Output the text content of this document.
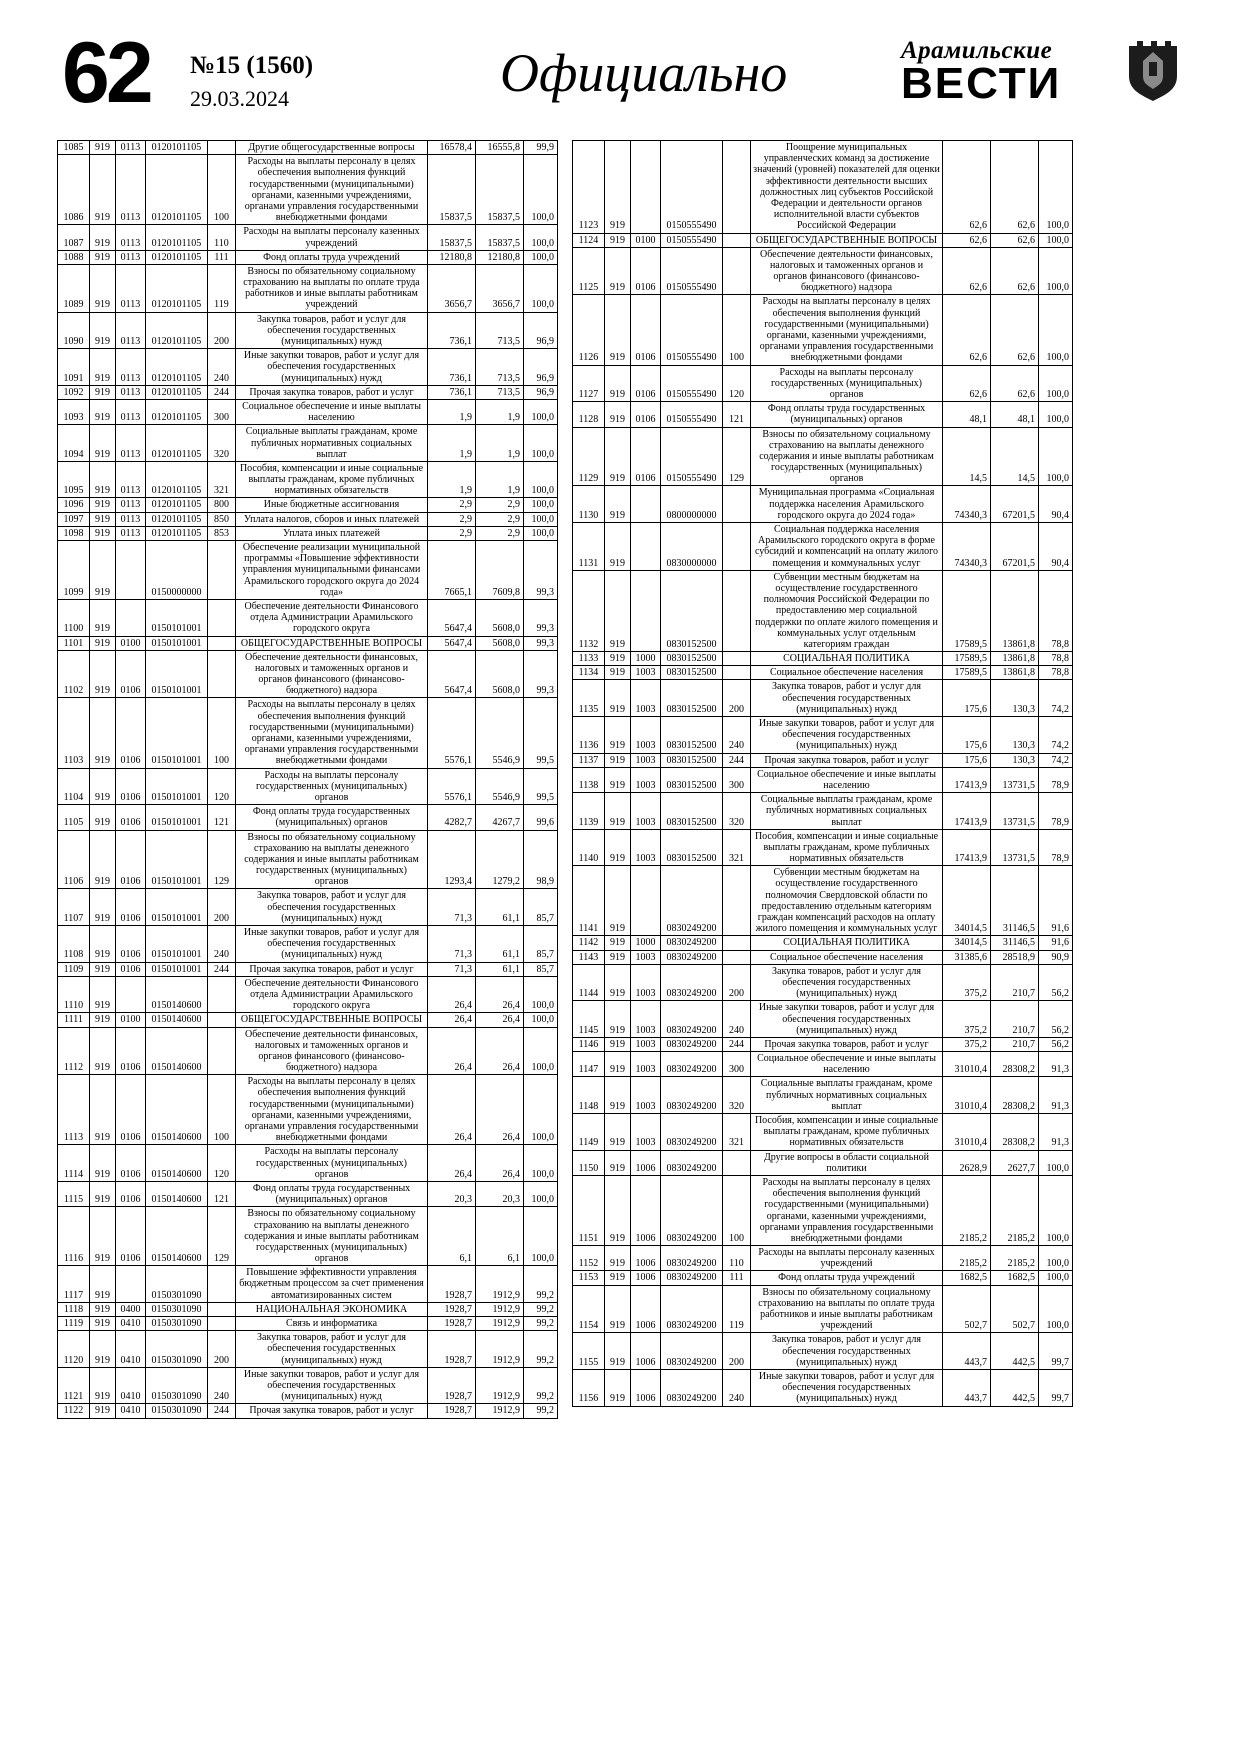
62 №15 (1560)
29.03.2024	Официально	Арамильские
ВЕСТИ
1085	919	0113	0120101105		Другие общегосударственные вопросы	16578,4	16555,8	99,9
1086	919	0113	0120101105	100	Расходы на выплаты персоналу в целях обеспечения выполнения функций государственными (муниципальными) органами, казенными учреждениями, органами управления государственными внебюджетными фондами	15837,5	15837,5	100,0
1087	919	0113	0120101105	110	Расходы на выплаты персоналу казенных учреждений	15837,5	15837,5	100,0
1088	919	0113	0120101105	111	Фонд оплаты труда учреждений	12180,8	12180,8	100,0
1089	919	0113	0120101105	119	Взносы по обязательному социальному страхованию на выплаты по оплате труда работников и иные выплаты работникам учреждений	3656,7	3656,7	100,0
1090	919	0113	0120101105	200	Закупка товаров, работ и услуг для обеспечения государственных (муниципальных) нужд	736,1	713,5	96,9
1091	919	0113	0120101105	240	Иные закупки товаров, работ и услуг для обеспечения государственных (муниципальных) нужд	736,1	713,5	96,9
1092	919	0113	0120101105	244	Прочая закупка товаров, работ и услуг	736,1	713,5	96,9
1093	919	0113	0120101105	300	Социальное обеспечение и иные выплаты населению	1,9	1,9	100,0
1094	919	0113	0120101105	320	Социальные выплаты гражданам, кроме публичных нормативных социальных выплат	1,9	1,9	100,0
1095	919	0113	0120101105	321	Пособия, компенсации и иные социальные выплаты гражданам, кроме публичных нормативных обязательств	1,9	1,9	100,0
1096	919	0113	0120101105	800	Иные бюджетные ассигнования	2,9	2,9	100,0
1097	919	0113	0120101105	850	Уплата налогов, сборов и иных платежей	2,9	2,9	100,0
1098	919	0113	0120101105	853	Уплата иных платежей	2,9	2,9	100,0
1099	919		0150000000		Обеспечение реализации муниципальной программы «Повышение эффективности управления муниципальными финансами Арамильского городского округа до 2024 года»	7665,1	7609,8	99,3
1100	919		0150101001		Обеспечение деятельности Финансового отдела Администрации Арамильского городского округа	5647,4	5608,0	99,3
1101	919	0100	0150101001		ОБЩЕГОСУДАРСТВЕННЫЕ ВОПРОСЫ	5647,4	5608,0	99,3
1102	919	0106	0150101001		Обеспечение деятельности финансовых, налоговых и таможенных органов и органов финансового (финансово-бюджетного) надзора	5647,4	5608,0	99,3
1103	919	0106	0150101001	100	Расходы на выплаты персоналу в целях обеспечения выполнения функций государственными (муниципальными) органами, казенными учреждениями, органами управления государственными внебюджетными фондами	5576,1	5546,9	99,5
1104	919	0106	0150101001	120	Расходы на выплаты персоналу государственных (муниципальных) органов	5576,1	5546,9	99,5
1105	919	0106	0150101001	121	Фонд оплаты труда государственных (муниципальных) органов	4282,7	4267,7	99,6
1106	919	0106	0150101001	129	Взносы по обязательному социальному страхованию на выплаты денежного содержания и иные выплаты работникам государственных (муниципальных) органов	1293,4	1279,2	98,9
1107	919	0106	0150101001	200	Закупка товаров, работ и услуг для обеспечения государственных (муниципальных) нужд	71,3	61,1	85,7
1108	919	0106	0150101001	240	Иные закупки товаров, работ и услуг для обеспечения государственных (муниципальных) нужд	71,3	61,1	85,7
1109	919	0106	0150101001	244	Прочая закупка товаров, работ и услуг	71,3	61,1	85,7
1110	919		0150140600		Обеспечение деятельности Финансового отдела Администрации Арамильского городского округа	26,4	26,4	100,0
1111	919	0100	0150140600		ОБЩЕГОСУДАРСТВЕННЫЕ ВОПРОСЫ	26,4	26,4	100,0
1112	919	0106	0150140600		Обеспечение деятельности финансовых, налоговых и таможенных органов и органов финансового (финансово-бюджетного) надзора	26,4	26,4	100,0
1113	919	0106	0150140600	100	Расходы на выплаты персоналу в целях обеспечения выполнения функций государственными (муниципальными) органами, казенными учреждениями, органами управления государственными внебюджетными фондами	26,4	26,4	100,0
1114	919	0106	0150140600	120	Расходы на выплаты персоналу государственных (муниципальных) органов	26,4	26,4	100,0
1115	919	0106	0150140600	121	Фонд оплаты труда государственных (муниципальных) органов	20,3	20,3	100,0
1116	919	0106	0150140600	129	Взносы по обязательному социальному страхованию на выплаты денежного содержания и иные выплаты работникам государственных (муниципальных) органов	6,1	6,1	100,0
1117	919		0150301090		Повышение эффективности управления бюджетным процессом за счет применения автоматизированных систем	1928,7	1912,9	99,2
1118	919	0400	0150301090		НАЦИОНАЛЬНАЯ ЭКОНОМИКА	1928,7	1912,9	99,2
1119	919	0410	0150301090		Связь и информатика	1928,7	1912,9	99,2
1120	919	0410	0150301090	200	Закупка товаров, работ и услуг для обеспечения государственных (муниципальных) нужд	1928,7	1912,9	99,2
1121	919	0410	0150301090	240	Иные закупки товаров, работ и услуг для обеспечения государственных (муниципальных) нужд	1928,7	1912,9	99,2
1122	919	0410	0150301090	244	Прочая закупка товаров, работ и услуг	1928,7	1912,9	99,2
1123	919		0150555490		Поощрение муниципальных управленческих команд за достижение значений (уровней) показателей для оценки эффективности деятельности высших должностных лиц субъектов Российской Федерации и деятельности органов исполнительной власти субъектов Российской Федерации	62,6	62,6	100,0
1124	919	0100	0150555490		ОБЩЕГОСУДАРСТВЕННЫЕ ВОПРОСЫ	62,6	62,6	100,0
1125	919	0106	0150555490		Обеспечение деятельности финансовых, налоговых и таможенных органов и органов финансового (финансово-бюджетного) надзора	62,6	62,6	100,0
1126	919	0106	0150555490	100	Расходы на выплаты персоналу в целях обеспечения выполнения функций государственными (муниципальными) органами, казенными учреждениями, органами управления государственными внебюджетными фондами	62,6	62,6	100,0
1127	919	0106	0150555490	120	Расходы на выплаты персоналу государственных (муниципальных) органов	62,6	62,6	100,0
1128	919	0106	0150555490	121	Фонд оплаты труда государственных (муниципальных) органов	48,1	48,1	100,0
1129	919	0106	0150555490	129	Взносы по обязательному социальному страхованию на выплаты денежного содержания и иные выплаты работникам государственных (муниципальных) органов	14,5	14,5	100,0
1130	919		0800000000		Муниципальная программа «Социальная поддержка населения Арамильского городского округа до 2024 года»	74340,3	67201,5	90,4
1131	919		0830000000		Социальная поддержка населения Арамильского городского округа в форме субсидий и компенсаций на оплату жилого помещения и коммунальных услуг	74340,3	67201,5	90,4
1132	919		0830152500		Субвенции местным бюджетам на осуществление государственного полномочия Российской Федерации по предоставлению мер социальной поддержки по оплате жилого помещения и коммунальных услуг отдельным категориям граждан	17589,5	13861,8	78,8
1133	919	1000	0830152500		СОЦИАЛЬНАЯ ПОЛИТИКА	17589,5	13861,8	78,8
1134	919	1003	0830152500		Социальное обеспечение населения	17589,5	13861,8	78,8
1135	919	1003	0830152500	200	Закупка товаров, работ и услуг для обеспечения государственных (муниципальных) нужд	175,6	130,3	74,2
1136	919	1003	0830152500	240	Иные закупки товаров, работ и услуг для обеспечения государственных (муниципальных) нужд	175,6	130,3	74,2
1137	919	1003	0830152500	244	Прочая закупка товаров, работ и услуг	175,6	130,3	74,2
1138	919	1003	0830152500	300	Социальное обеспечение и иные выплаты населению	17413,9	13731,5	78,9
1139	919	1003	0830152500	320	Социальные выплаты гражданам, кроме публичных нормативных социальных выплат	17413,9	13731,5	78,9
1140	919	1003	0830152500	321	Пособия, компенсации и иные социальные выплаты гражданам, кроме публичных нормативных обязательств	17413,9	13731,5	78,9
1141	919		0830249200		Субвенции местным бюджетам на осуществление государственного полномочия Свердловской области по предоставлению отдельным категориям граждан компенсаций расходов на оплату жилого помещения и коммунальных услуг	34014,5	31146,5	91,6
1142	919	1000	0830249200		СОЦИАЛЬНАЯ ПОЛИТИКА	34014,5	31146,5	91,6
1143	919	1003	0830249200		Социальное обеспечение населения	31385,6	28518,9	90,9
1144	919	1003	0830249200	200	Закупка товаров, работ и услуг для обеспечения государственных (муниципальных) нужд	375,2	210,7	56,2
1145	919	1003	0830249200	240	Иные закупки товаров, работ и услуг для обеспечения государственных (муниципальных) нужд	375,2	210,7	56,2
1146	919	1003	0830249200	244	Прочая закупка товаров, работ и услуг	375,2	210,7	56,2
1147	919	1003	0830249200	300	Социальное обеспечение и иные выплаты населению	31010,4	28308,2	91,3
1148	919	1003	0830249200	320	Социальные выплаты гражданам, кроме публичных нормативных социальных выплат	31010,4	28308,2	91,3
1149	919	1003	0830249200	321	Пособия, компенсации и иные социальные выплаты гражданам, кроме публичных нормативных обязательств	31010,4	28308,2	91,3
1150	919	1006	0830249200		Другие вопросы в области социальной политики	2628,9	2627,7	100,0
1151	919	1006	0830249200	100	Расходы на выплаты персоналу в целях обеспечения выполнения функций государственными (муниципальными) органами, казенными учреждениями, органами управления государственными внебюджетными фондами	2185,2	2185,2	100,0
1152	919	1006	0830249200	110	Расходы на выплаты персоналу казенных учреждений	2185,2	2185,2	100,0
1153	919	1006	0830249200	111	Фонд оплаты труда учреждений	1682,5	1682,5	100,0
1154	919	1006	0830249200	119	Взносы по обязательному социальному страхованию на выплаты по оплате труда работников и иные выплаты работникам учреждений	502,7	502,7	100,0
1155	919	1006	0830249200	200	Закупка товаров, работ и услуг для обеспечения государственных (муниципальных) нужд	443,7	442,5	99,7
1156	919	1006	0830249200	240	Иные закупки товаров, работ и услуг для обеспечения государственных (муниципальных) нужд	443,7	442,5	99,7
